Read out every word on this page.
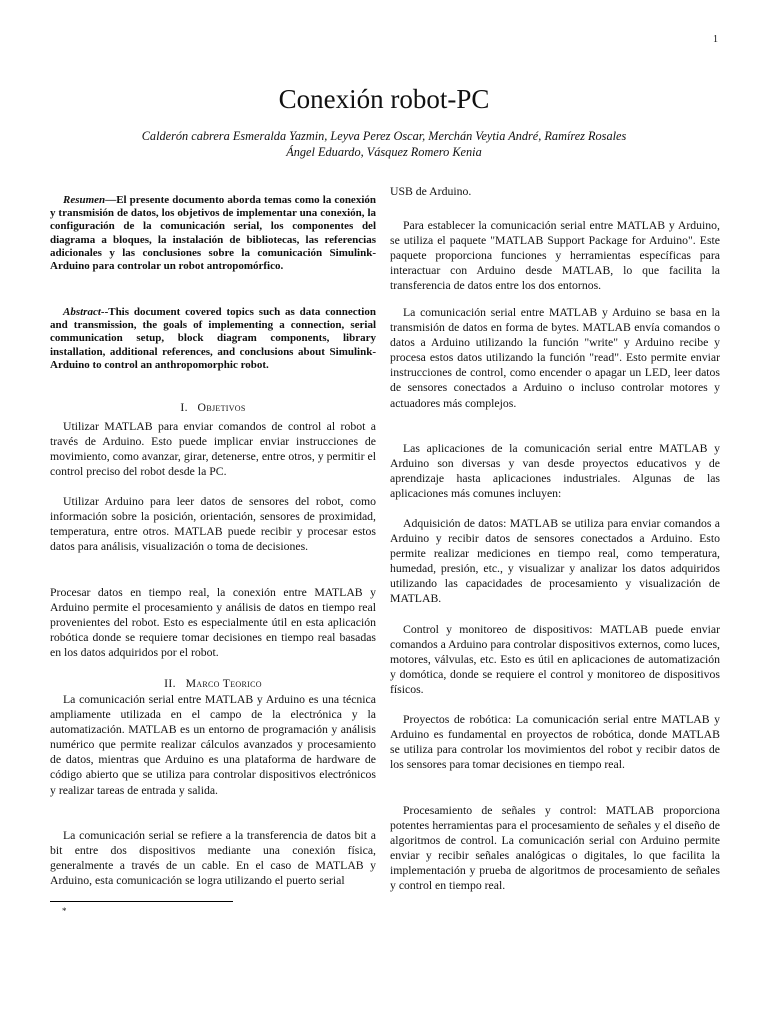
1
Conexión robot-PC
Calderón cabrera Esmeralda Yazmin, Leyva Perez Oscar, Merchán Veytia André, Ramírez Rosales
Ángel Eduardo, Vásquez Romero Kenia

Resumen—El presente documento aborda temas como la conexión y transmisión de datos, los objetivos de implementar una conexión, la configuración de la comunicación serial, los componentes del diagrama a bloques, la instalación de bibliotecas, las referencias adicionales y las conclusiones sobre la comunicación Simulink-Arduino para controlar un robot antropomórfico.

Abstract--This document covered topics such as data connection and transmission, the goals of implementing a connection, serial communication setup, block diagram components, library installation, additional references, and conclusions about Simulink- Arduino to control an anthropomorphic robot.

I. Objetivos

Utilizar MATLAB para enviar comandos de control al robot a través de Arduino. Esto puede implicar enviar instrucciones de movimiento, como avanzar, girar, detenerse, entre otros, y permitir el control preciso del robot desde la PC.

Utilizar Arduino para leer datos de sensores del robot, como información sobre la posición, orientación, sensores de proximidad, temperatura, entre otros. MATLAB puede recibir y procesar estos datos para análisis, visualización o toma de decisiones.

Procesar datos en tiempo real, la conexión entre MATLAB y Arduino permite el procesamiento y análisis de datos en tiempo real provenientes del robot. Esto es especialmente útil en esta aplicación robótica donde se requiere tomar decisiones en tiempo real basadas en los datos adquiridos por el robot.

II. Marco Teorico

La comunicación serial entre MATLAB y Arduino es una técnica ampliamente utilizada en el campo de la electrónica y la automatización. MATLAB es un entorno de programación y análisis numérico que permite realizar cálculos avanzados y procesamiento de datos, mientras que Arduino es una plataforma de hardware de código abierto que se utiliza para controlar dispositivos electrónicos y realizar tareas de entrada y salida.

La comunicación serial se refiere a la transferencia de datos bit a bit entre dos dispositivos mediante una conexión física, generalmente a través de un cable. En el caso de MATLAB y Arduino, esta comunicación se logra utilizando el puerto serial

USB de Arduino.

Para establecer la comunicación serial entre MATLAB y Arduino, se utiliza el paquete "MATLAB Support Package for Arduino". Este paquete proporciona funciones y herramientas específicas para interactuar con Arduino desde MATLAB, lo que facilita la transferencia de datos entre los dos entornos.

La comunicación serial entre MATLAB y Arduino se basa en la transmisión de datos en forma de bytes. MATLAB envía comandos o datos a Arduino utilizando la función "write" y Arduino recibe y procesa estos datos utilizando la función "read". Esto permite enviar instrucciones de control, como encender o apagar un LED, leer datos de sensores conectados a Arduino o incluso controlar motores y actuadores más complejos.

Las aplicaciones de la comunicación serial entre MATLAB y Arduino son diversas y van desde proyectos educativos y de aprendizaje hasta aplicaciones industriales. Algunas de las aplicaciones más comunes incluyen:

Adquisición de datos: MATLAB se utiliza para enviar comandos a Arduino y recibir datos de sensores conectados a Arduino. Esto permite realizar mediciones en tiempo real, como temperatura, humedad, presión, etc., y visualizar y analizar los datos adquiridos utilizando las capacidades de procesamiento y visualización de MATLAB.

Control y monitoreo de dispositivos: MATLAB puede enviar comandos a Arduino para controlar dispositivos externos, como luces, motores, válvulas, etc. Esto es útil en aplicaciones de automatización y domótica, donde se requiere el control y monitoreo de dispositivos físicos.

Proyectos de robótica: La comunicación serial entre MATLAB y Arduino es fundamental en proyectos de robótica, donde MATLAB se utiliza para controlar los movimientos del robot y recibir datos de los sensores para tomar decisiones en tiempo real.

Procesamiento de señales y control: MATLAB proporciona potentes herramientas para el procesamiento de señales y el diseño de algoritmos de control. La comunicación serial con Arduino permite enviar y recibir señales analógicas o digitales, lo que facilita la implementación y prueba de algoritmos de procesamiento de señales y control en tiempo real.

*
